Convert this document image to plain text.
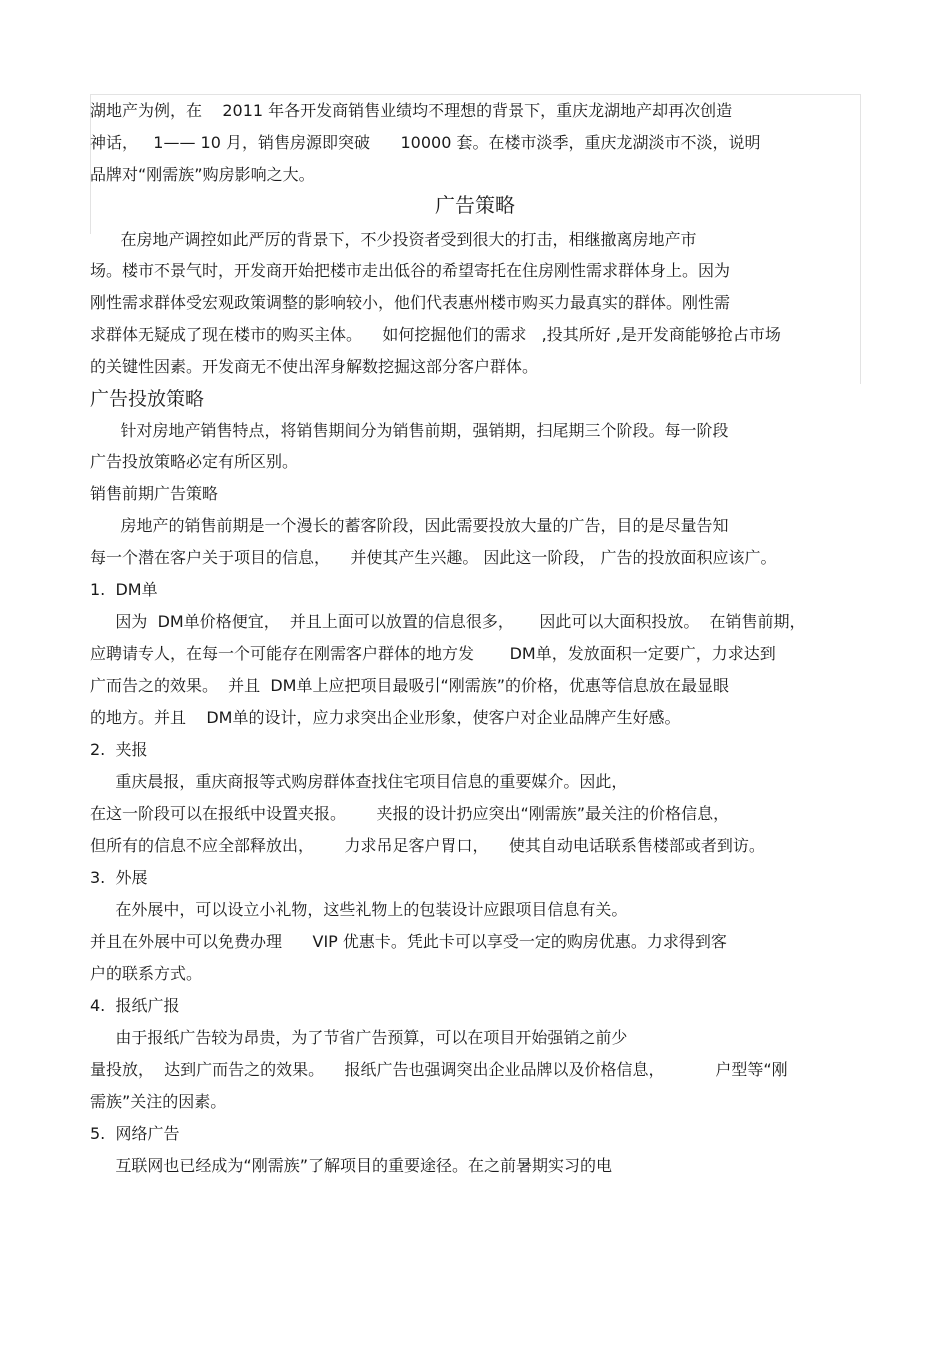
湖地产为例，在    2011 年各开发商销售业绩均不理想的背景下，重庆龙湖地产却再次创造

神话，   1—— 10 月，销售房源即突破      10000 套。在楼市淡季，重庆龙湖淡市不淡，说明

品牌对“刚需族”购房影响之大。

广告策略

在房地产调控如此严厉的背景下，不少投资者受到很大的打击，相继撤离房地产市

场。楼市不景气时，开发商开始把楼市走出低谷的希望寄托在住房刚性需求群体身上。因为

刚性需求群体受宏观政策调整的影响较小，他们代表惠州楼市购买力最真实的群体。刚性需

求群体无疑成了现在楼市的购买主体。    如何挖掘他们的需求   ,投其所好 ,是开发商能够抢占市场

的关键性因素。开发商无不使出浑身解数挖掘这部分客户群体。

广告投放策略

针对房地产销售特点，将销售期间分为销售前期，强销期，扫尾期三个阶段。每一阶段

广告投放策略必定有所区别。

销售前期广告策略

房地产的销售前期是一个漫长的蓄客阶段，因此需要投放大量的广告，目的是尽量告知

每一个潜在客户关于项目的信息，    并使其产生兴趣。 因此这一阶段， 广告的投放面积应该广。

1.  DM单

因为  DM单价格便宜，  并且上面可以放置的信息很多，     因此可以大面积投放。  在销售前期，

应聘请专人，在每一个可能存在刚需客户群体的地方发       DM单，发放面积一定要广，力求达到

广而告之的效果。  并且  DM单上应把项目最吸引“刚需族”的价格，优惠等信息放在最显眼

的地方。并且    DM单的设计，应力求突出企业形象，使客户对企业品牌产生好感。

2.  夹报

重庆晨报，重庆商报等式购房群体查找住宅项目信息的重要媒介。因此，

在这一阶段可以在报纸中设置夹报。      夹报的设计扔应突出“刚需族”最关注的价格信息，

但所有的信息不应全部释放出，      力求吊足客户胃口，    使其自动电话联系售楼部或者到访。

3.  外展

在外展中，可以设立小礼物，这些礼物上的包装设计应跟项目信息有关。

并且在外展中可以免费办理      VIP 优惠卡。凭此卡可以享受一定的购房优惠。力求得到客

户的联系方式。

4.  报纸广报

由于报纸广告较为昂贵，为了节省广告预算，可以在项目开始强销之前少

量投放，  达到广而告之的效果。    报纸广告也强调突出企业品牌以及价格信息，          户型等“刚

需族”关注的因素。

5.  网络广告

互联网也已经成为“刚需族”了解项目的重要途径。在之前暑期实习的电
